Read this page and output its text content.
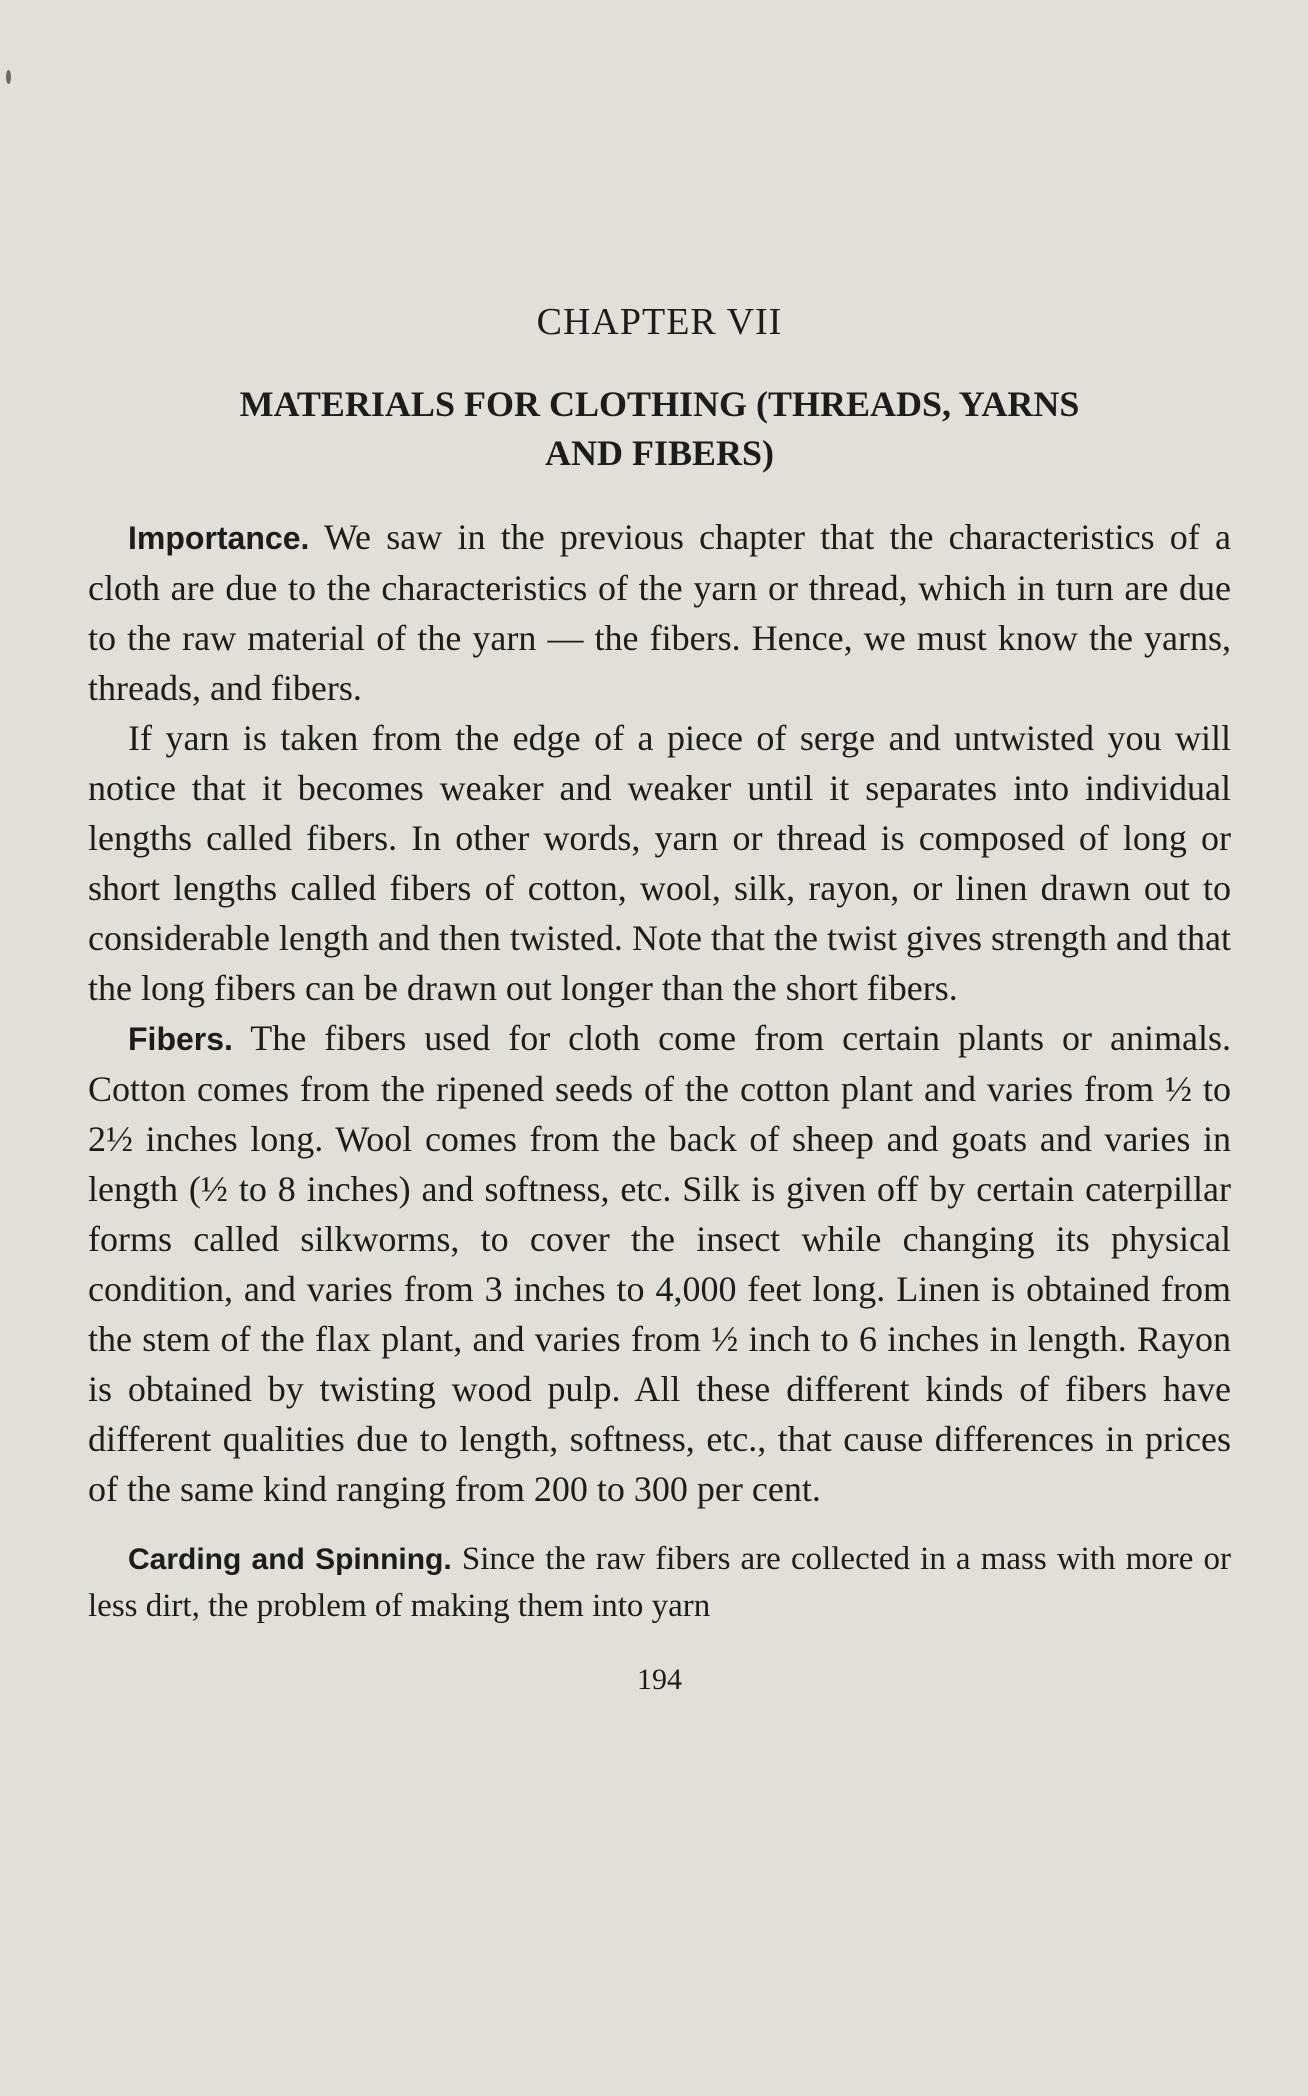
CHAPTER VII
MATERIALS FOR CLOTHING (THREADS, YARNS
AND FIBERS)

Importance. We saw in the previous chapter that the characteristics of a cloth are due to the characteristics of the yarn or thread, which in turn are due to the raw material of the yarn — the fibers. Hence, we must know the yarns, threads, and fibers.

If yarn is taken from the edge of a piece of serge and untwisted you will notice that it becomes weaker and weaker until it separates into individual lengths called fibers. In other words, yarn or thread is composed of long or short lengths called fibers of cotton, wool, silk, rayon, or linen drawn out to considerable length and then twisted. Note that the twist gives strength and that the long fibers can be drawn out longer than the short fibers.

Fibers. The fibers used for cloth come from certain plants or animals. Cotton comes from the ripened seeds of the cotton plant and varies from ½ to 2½ inches long. Wool comes from the back of sheep and goats and varies in length (½ to 8 inches) and softness, etc. Silk is given off by certain caterpillar forms called silkworms, to cover the insect while changing its physical condition, and varies from 3 inches to 4,000 feet long. Linen is obtained from the stem of the flax plant, and varies from ½ inch to 6 inches in length. Rayon is obtained by twisting wood pulp. All these different kinds of fibers have different qualities due to length, softness, etc., that cause differences in prices of the same kind ranging from 200 to 300 per cent.

Carding and Spinning. Since the raw fibers are collected in a mass with more or less dirt, the problem of making them into yarn

194
